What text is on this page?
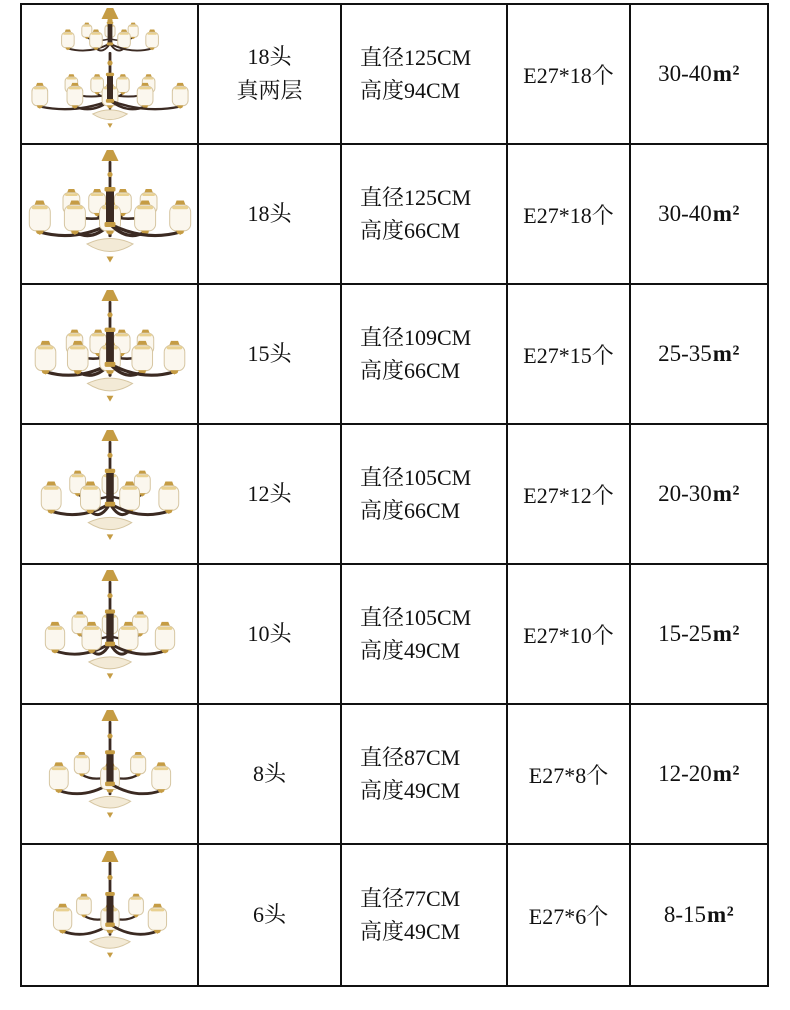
18头
真两层
直径125CM
高度94CM
E27*18个 30-40 m²
18头
直径125CM
高度66CM
E27*18个 30-40 m²
15头
直径109CM
高度66CM
E27*15个 25-35 m²
12头
直径105CM
高度66CM
E27*12个 20-30 m²
10头
直径105CM
高度49CM
E27*10个 15-25 m²
8头
直径87CM
高度49CM
E27*8个 12-20 m²
6头
直径77CM
高度49CM
E27*6个 8-15 m²
